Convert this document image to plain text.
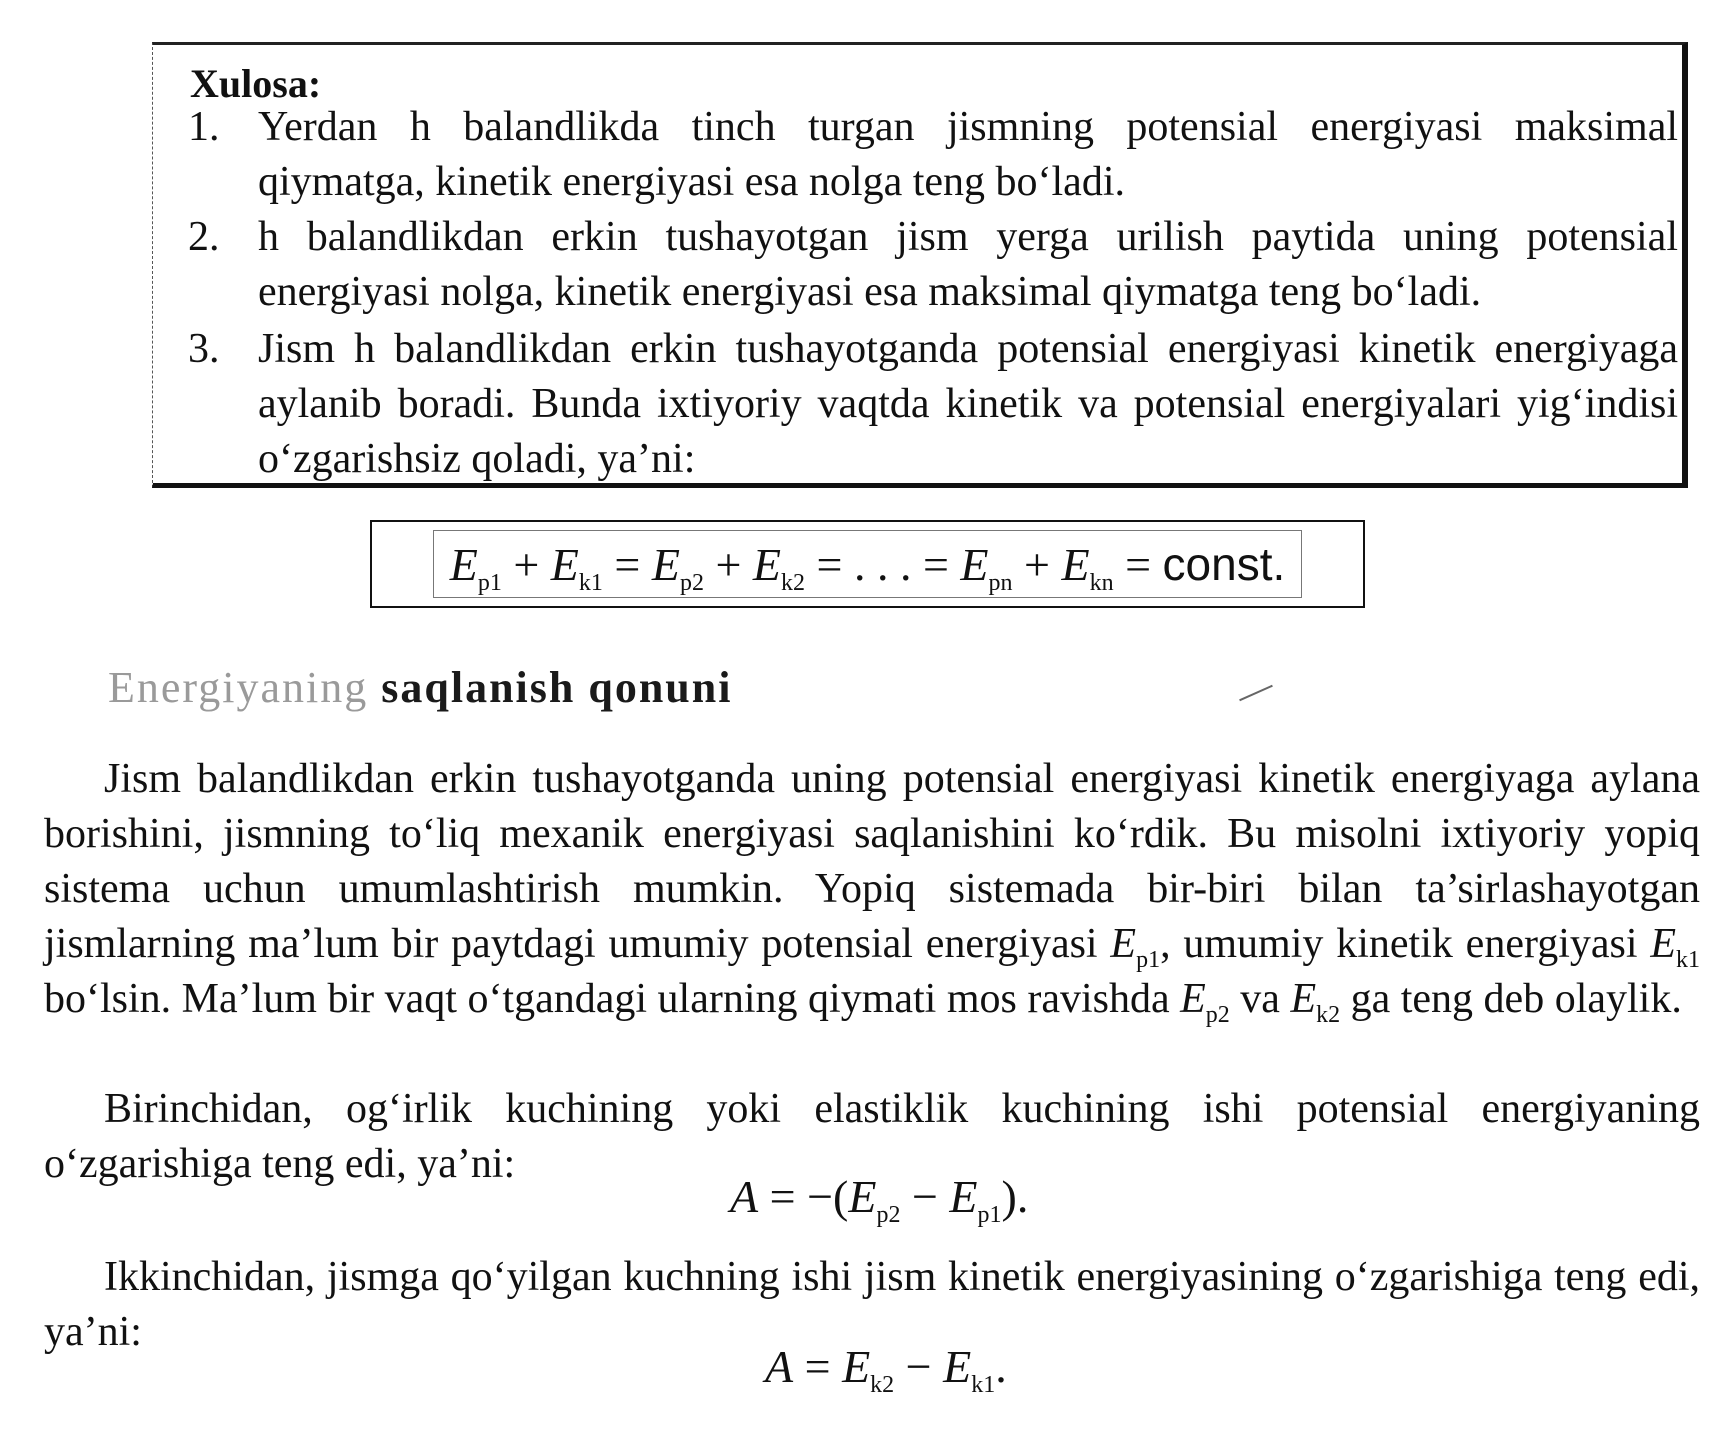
Xulosa:
1. Yerdan h balandlikda tinch turgan jismning potensial energiyasi maksimal qiymatga, kinetik energiyasi esa nolga teng bo‘ladi.

2. h balandlikdan erkin tushayotgan jism yerga urilish paytida uning potensial energiyasi nolga, kinetik energiyasi esa maksimal qiymatga teng bo‘ladi.

3. Jism h balandlikdan erkin tushayotganda potensial energiyasi kinetik energiyaga aylanib boradi. Bunda ixtiyoriy vaqtda kinetik va potensial energiyalari yig‘indisi o‘zgarishsiz qoladi, ya’ni:

$E_{p1} + E_{k1} = E_{p2} + E_{k2}$ = . . . = $E_{pn} + E_{kn}$ = const.
Energiyaning saqlanish qonuni

Jism balandlikdan erkin tushayotganda uning potensial energiyasi kinetik energiyaga aylana borishini, jismning to‘liq mexanik energiyasi saqlanishini ko‘rdik. Bu misolni ixtiyoriy yopiq sistema uchun umumlashtirish mumkin. Yopiq sistemada bir-biri bilan ta’sirlashayotgan jismlarning ma’lum bir paytdagi umumiy potensial energiyasi $E_{p1}$, umumiy kinetik energiyasi $E_{k1}$ bo‘lsin. Ma’lum bir vaqt o‘tgandagi ularning qiymati mos ravishda $E_{p2}$ va $E_{k2}$ ga teng deb olaylik.

Birinchidan, og‘irlik kuchining yoki elastiklik kuchining ishi potensial energiyaning o‘zgarishiga teng edi, ya’ni:

$A = -(E_{p2} - E_{p1})$.

Ikkinchidan, jismga qo‘yilgan kuchning ishi jism kinetik energiyasining o‘zgarishiga teng edi, ya’ni:

$A = E_{k2} - E_{k1}$.
